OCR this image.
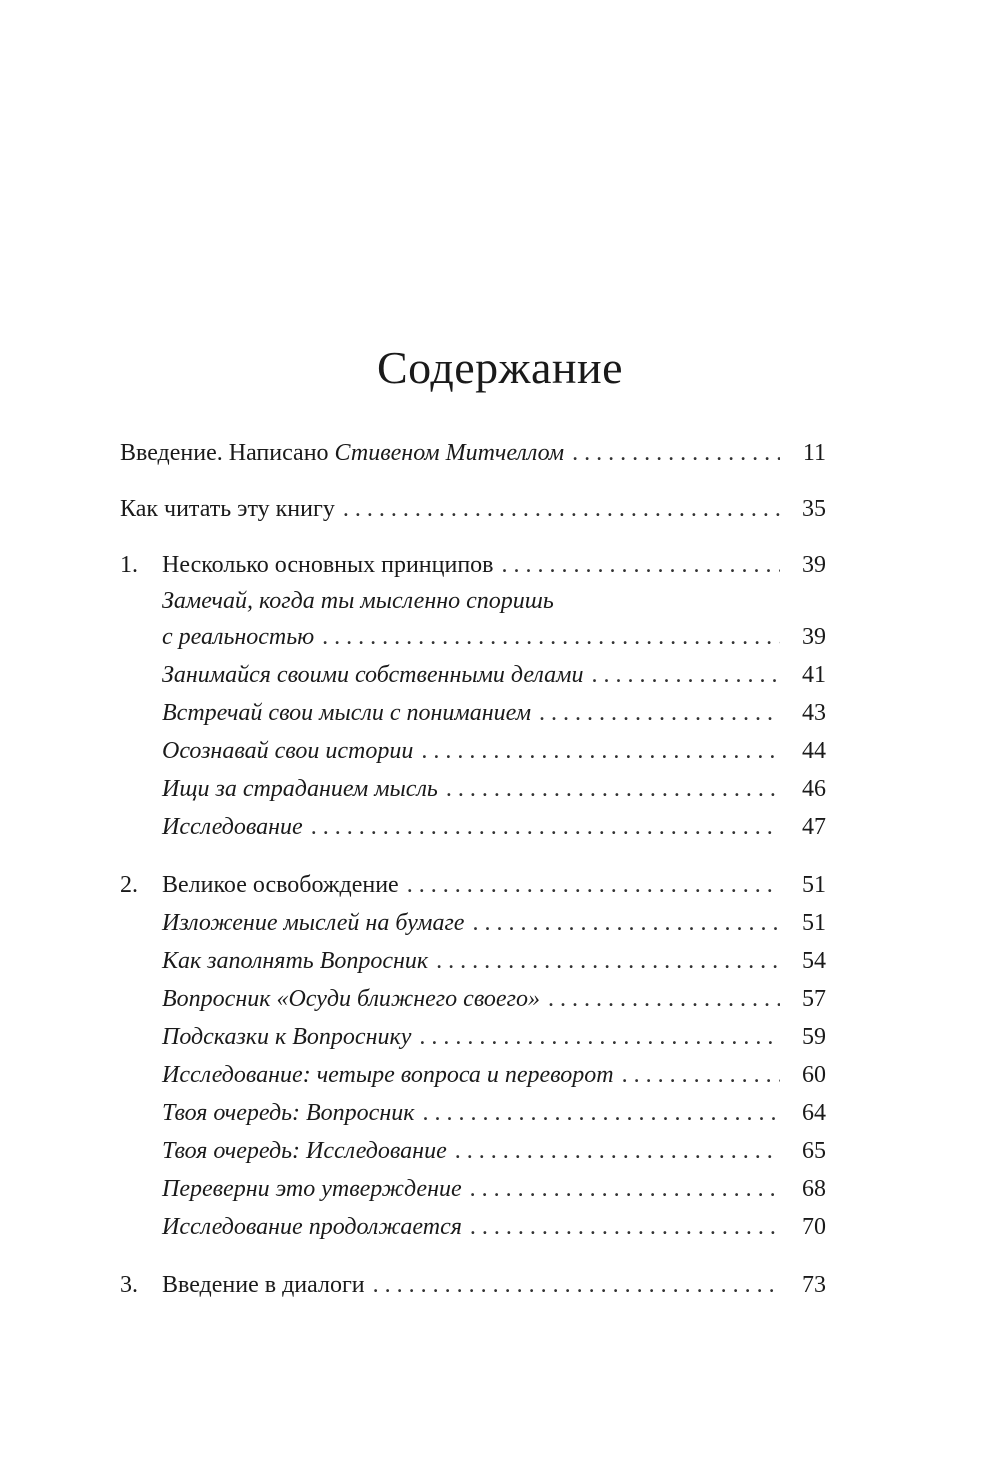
Содержание
Введение. Написано Стивеном Митчеллом . . .	11
Как читать эту книгу . . .	35
1.	Несколько основных принципов . . .	39
Замечай, когда ты мысленно споришь
с реальностью . . .	39
Занимайся своими собственными делами . . .	41
Встречай свои мысли с пониманием . . .	43
Осознавай свои истории . . .	44
Ищи за страданием мысль . . .	46
Исследование . . .	47
2.	Великое освобождение . . .	51
Изложение мыслей на бумаге . . .	51
Как заполнять Вопросник . . .	54
Вопросник «Осуди ближнего своего» . . .	57
Подсказки к Вопроснику . . .	59
Исследование: четыре вопроса и переворот . . .	60
Твоя очередь: Вопросник . . .	64
Твоя очередь: Исследование . . .	65
Переверни это утверждение . . .	68
Исследование продолжается . . .	70
3.	Введение в диалоги . . .	73
